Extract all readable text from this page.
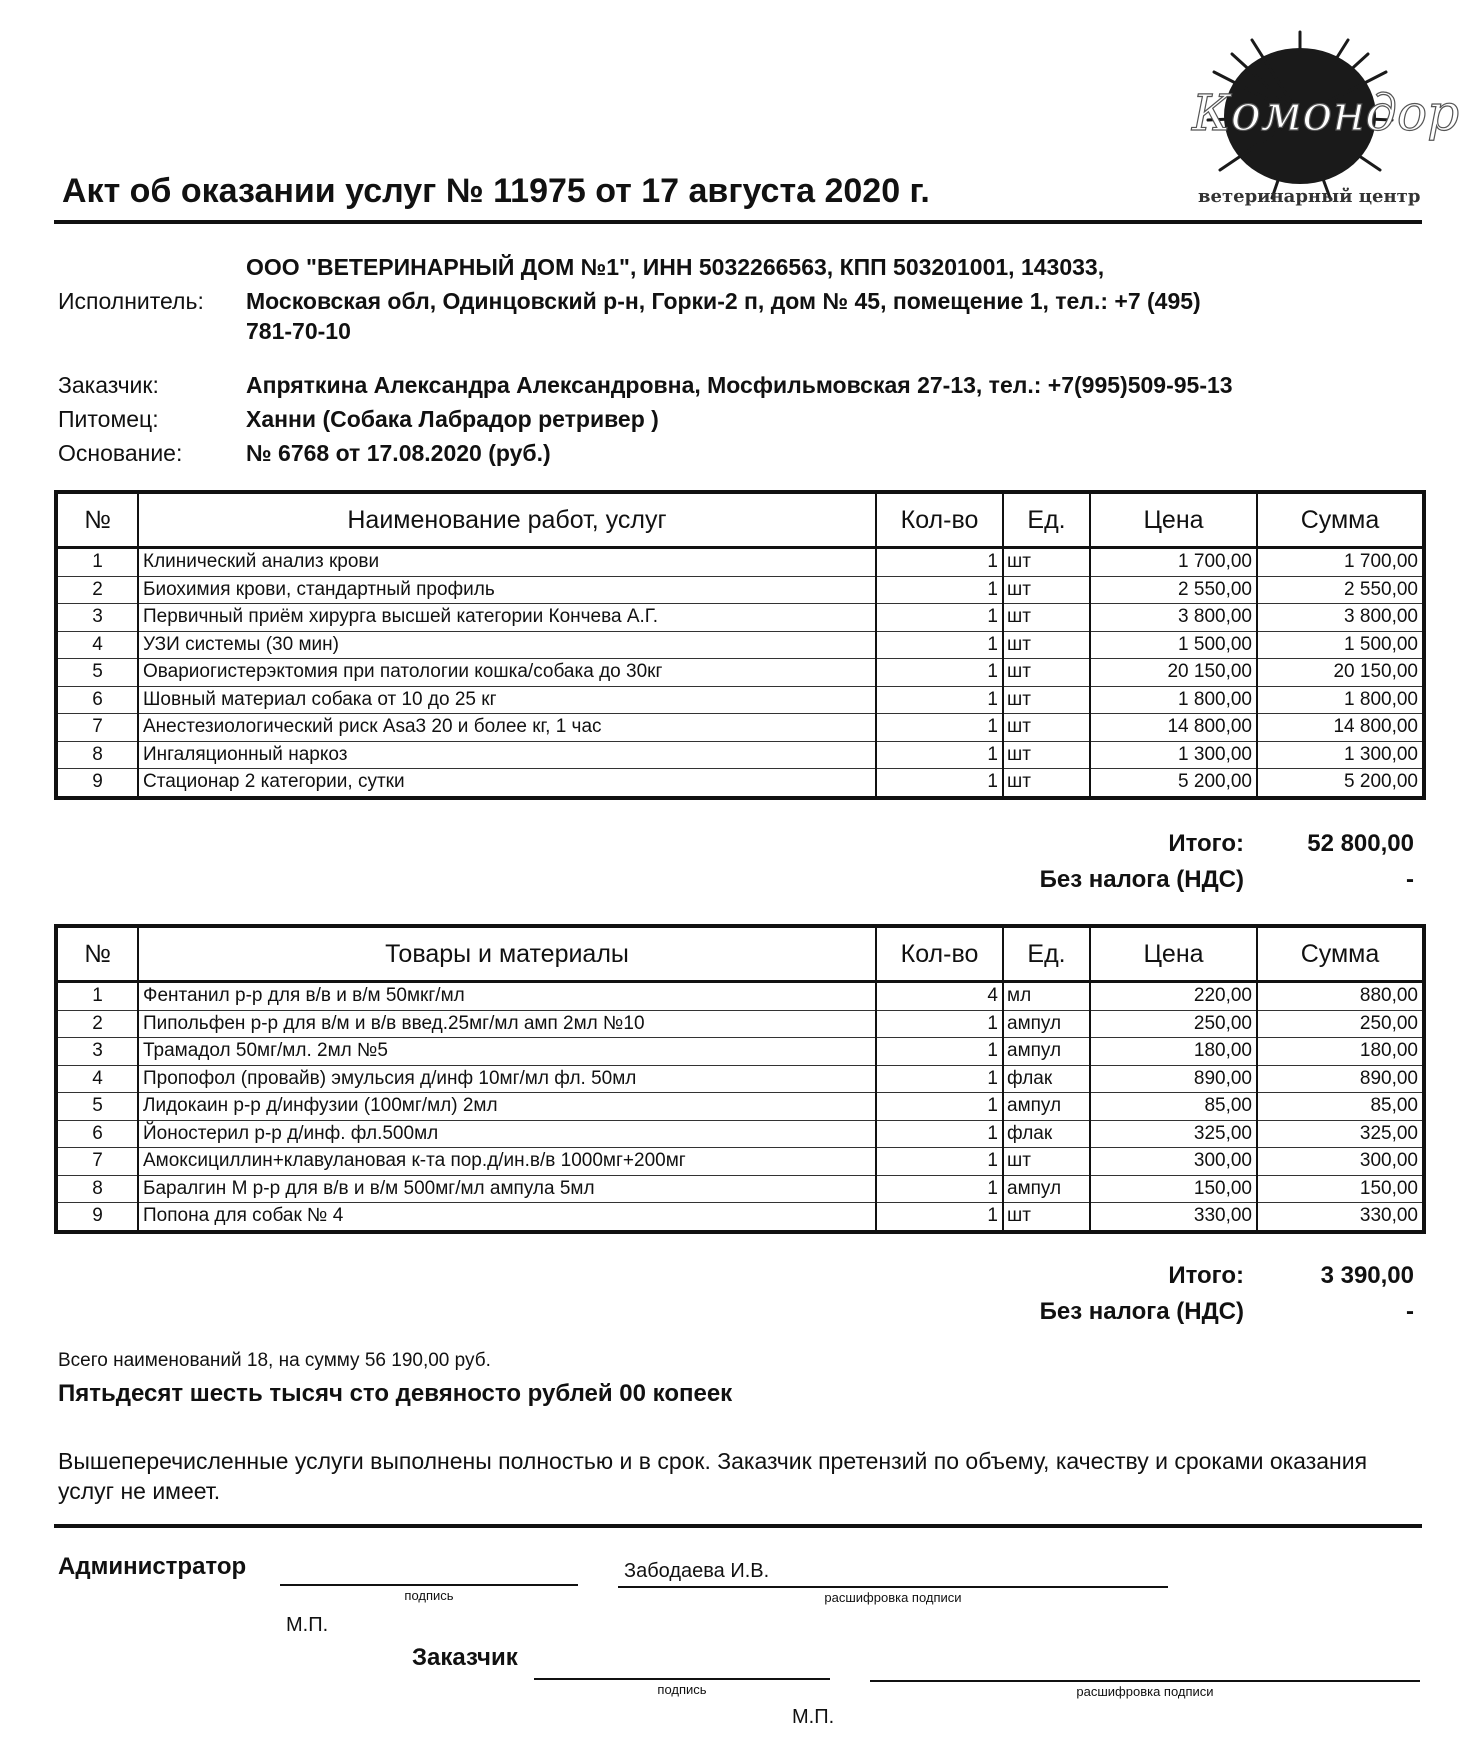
Акт об оказании услуг № 11975 от 17 августа 2020 г.
Комондор
ветеринарный центр
ООО "ВЕТЕРИНАРНЫЙ ДОМ №1", ИНН 5032266563, КПП 503201001, 143033,
Исполнитель: Московская обл, Одинцовский р-н, Горки-2 п, дом № 45, помещение 1, тел.: +7 (495)
781-70-10
Заказчик:	Апряткина Александра Александровна, Мосфильмовская 27-13, тел.: +7(995)509-95-13
Питомец:	Ханни (Собака Лабрадор ретривер )
Основание:	№ 6768 от 17.08.2020 (руб.)
№	Наименование работ, услуг	Кол-во	Ед.	Цена	Сумма
1	Клинический анализ крови	1	шт	1 700,00	1 700,00
2	Биохимия крови, стандартный профиль	1	шт	2 550,00	2 550,00
3	Первичный приём хирурга высшей категории Кончева А.Г.	1	шт	3 800,00	3 800,00
4	УЗИ системы (30 мин)	1	шт	1 500,00	1 500,00
5	Овариогистерэктомия при патологии кошка/собака до 30кг	1	шт	20 150,00	20 150,00
6	Шовный материал собака от 10 до 25 кг	1	шт	1 800,00	1 800,00
7	Анестезиологический риск Asa3 20 и более кг, 1 час	1	шт	14 800,00	14 800,00
8	Ингаляционный наркоз	1	шт	1 300,00	1 300,00
9	Стационар 2 категории, сутки	1	шт	5 200,00	5 200,00
Итого:	52 800,00
Без налога (НДС)	-
№	Товары и материалы	Кол-во	Ед.	Цена	Сумма
1	Фентанил р-р для в/в и в/м 50мкг/мл	4	мл	220,00	880,00
2	Пипольфен р-р для в/м и в/в введ.25мг/мл амп 2мл №10	1	ампул	250,00	250,00
3	Трамадол 50мг/мл. 2мл №5	1	ампул	180,00	180,00
4	Пропофол (провайв) эмульсия д/инф 10мг/мл фл. 50мл	1	флак	890,00	890,00
5	Лидокаин р-р д/инфузии (100мг/мл) 2мл	1	ампул	85,00	85,00
6	Йоностерил р-р д/инф. фл.500мл	1	флак	325,00	325,00
7	Амоксициллин+клавулановая к-та пор.д/ин.в/в 1000мг+200мг	1	шт	300,00	300,00
8	Баралгин М р-р для в/в и в/м 500мг/мл ампула 5мл	1	ампул	150,00	150,00
9	Попона для собак № 4	1	шт	330,00	330,00
Итого:	3 390,00
Без налога (НДС)	-
Всего наименований 18, на сумму 56 190,00 руб.
Пятьдесят шесть тысяч сто девяносто рублей 00 копеек
Вышеперечисленные услуги выполнены полностью и в срок. Заказчик претензий по объему, качеству и сроками оказания услуг не имеет.
Администратор
подпись
Забодаева И.В.
расшифровка подписи
М.П.
Заказчик
подпись	расшифровка подписи
М.П.
